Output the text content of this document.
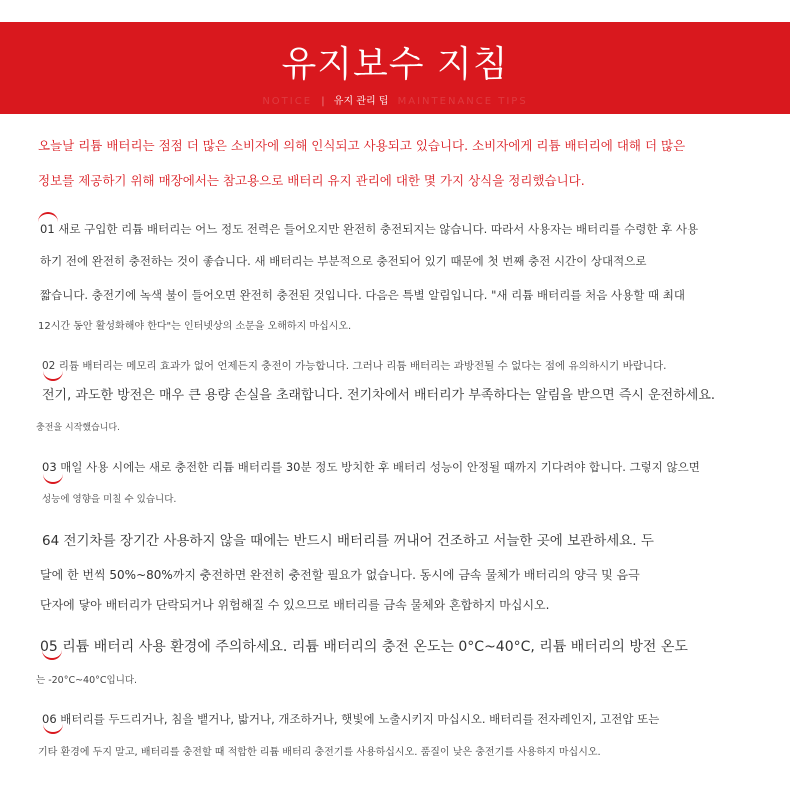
유지보수 지침
NOTICE | 유지 관리 팁 MAINTENANCE TIPS
오늘날 리튬 배터리는 점점 더 많은 소비자에 의해 인식되고 사용되고 있습니다. 소비자에게 리튬 배터리에 대해 더 많은
정보를 제공하기 위해 매장에서는 참고용으로 배터리 유지 관리에 대한 몇 가지 상식을 정리했습니다.
01 새로 구입한 리튬 배터리는 어느 정도 전력은 들어오지만 완전히 충전되지는 않습니다. 따라서 사용자는 배터리를 수령한 후 사용
하기 전에 완전히 충전하는 것이 좋습니다. 새 배터리는 부분적으로 충전되어 있기 때문에 첫 번째 충전 시간이 상대적으로
짧습니다. 충전기에 녹색 불이 들어오면 완전히 충전된 것입니다. 다음은 특별 알림입니다. "새 리튬 배터리를 처음 사용할 때 최대
12시간 동안 활성화해야 한다"는 인터넷상의 소문을 오해하지 마십시오.
02 리튬 배터리는 메모리 효과가 없어 언제든지 충전이 가능합니다. 그러나 리튬 배터리는 과방전될 수 없다는 점에 유의하시기 바랍니다.
전기, 과도한 방전은 매우 큰 용량 손실을 초래합니다. 전기차에서 배터리가 부족하다는 알림을 받으면 즉시 운전하세요.
충전을 시작했습니다.
03 매일 사용 시에는 새로 충전한 리튬 배터리를 30분 정도 방치한 후 배터리 성능이 안정될 때까지 기다려야 합니다. 그렇지 않으면
성능에 영향을 미칠 수 있습니다.
64 전기차를 장기간 사용하지 않을 때에는 반드시 배터리를 꺼내어 건조하고 서늘한 곳에 보관하세요. 두
달에 한 번씩 50%~80%까지 충전하면 완전히 충전할 필요가 없습니다. 동시에 금속 물체가 배터리의 양극 및 음극
단자에 닿아 배터리가 단락되거나 위험해질 수 있으므로 배터리를 금속 물체와 혼합하지 마십시오.
05 리튬 배터리 사용 환경에 주의하세요. 리튬 배터리의 충전 온도는 0°C~40°C, 리튬 배터리의 방전 온도
는 -20°C~40°C입니다.
06 배터리를 두드리거나, 침을 뱉거나, 밟거나, 개조하거나, 햇빛에 노출시키지 마십시오. 배터리를 전자레인지, 고전압 또는
기타 환경에 두지 말고, 배터리를 충전할 때 적합한 리튬 배터리 충전기를 사용하십시오. 품질이 낮은 충전기를 사용하지 마십시오.
